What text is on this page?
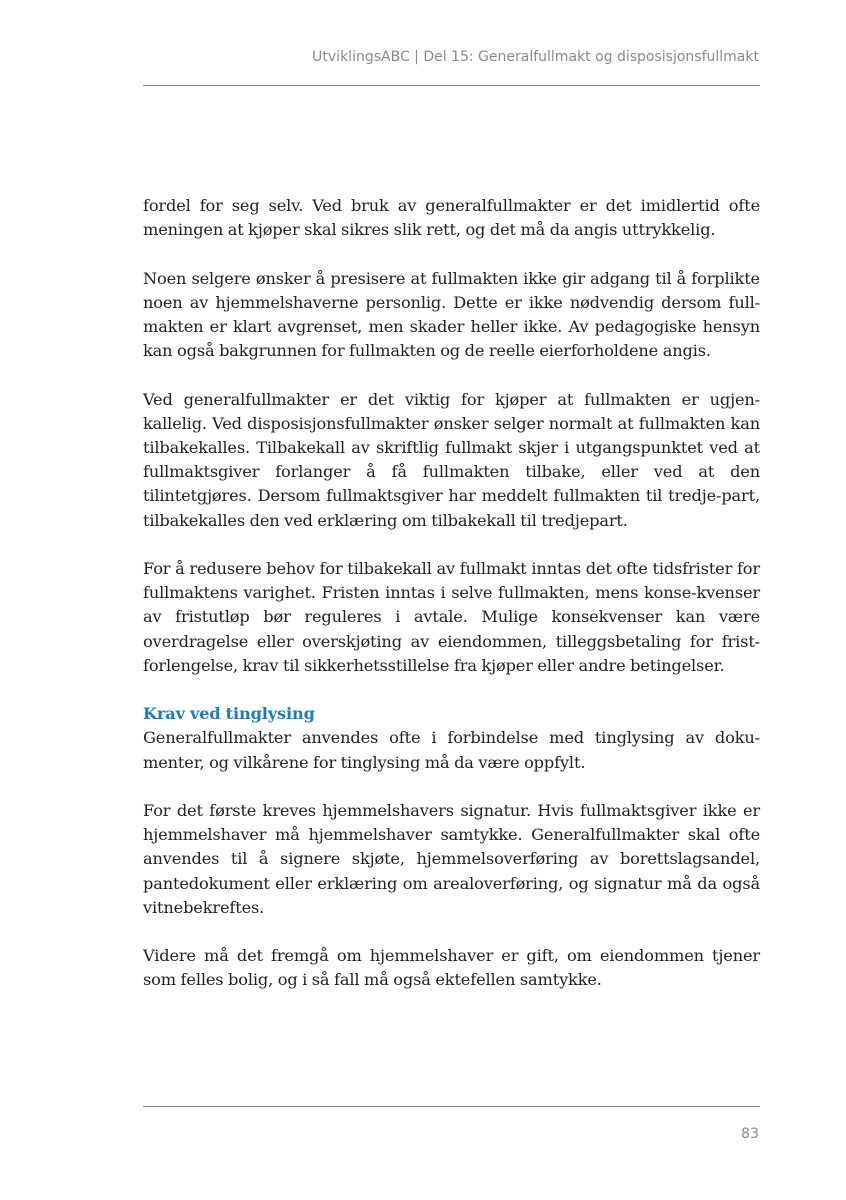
UtviklingsABC | Del 15: Generalfullmakt og disposisjonsfullmakt

fordel for seg selv. Ved bruk av generalfullmakter er det imidlertid ofte meningen at kjøper skal sikres slik rett, og det må da angis uttrykkelig.

Noen selgere ønsker å presisere at fullmakten ikke gir adgang til å forplikte noen av hjemmelshaverne personlig. Dette er ikke nødvendig dersom full-makten er klart avgrenset, men skader heller ikke. Av pedagogiske hensyn kan også bakgrunnen for fullmakten og de reelle eierforholdene angis.

Ved generalfullmakter er det viktig for kjøper at fullmakten er ugjen-kallelig. Ved disposisjonsfullmakter ønsker selger normalt at fullmakten kan tilbakekalles. Tilbakekall av skriftlig fullmakt skjer i utgangspunktet ved at fullmaktsgiver forlanger å få fullmakten tilbake, eller ved at den tilintetgjøres. Dersom fullmaktsgiver har meddelt fullmakten til tredje-part, tilbakekalles den ved erklæring om tilbakekall til tredjepart.

For å redusere behov for tilbakekall av fullmakt inntas det ofte tidsfrister for fullmaktens varighet. Fristen inntas i selve fullmakten, mens konse-kvenser av fristutløp bør reguleres i avtale. Mulige konsekvenser kan være overdragelse eller overskjøting av eiendommen, tilleggsbetaling for frist-forlengelse, krav til sikkerhetsstillelse fra kjøper eller andre betingelser.

Krav ved tinglysing

Generalfullmakter anvendes ofte i forbindelse med tinglysing av doku-menter, og vilkårene for tinglysing må da være oppfylt.

For det første kreves hjemmelshavers signatur. Hvis fullmaktsgiver ikke er hjemmelshaver må hjemmelshaver samtykke. Generalfullmakter skal ofte anvendes til å signere skjøte, hjemmelsoverføring av borettslagsandel, pantedokument eller erklæring om arealoverføring, og signatur må da også vitnebekreftes.

Videre må det fremgå om hjemmelshaver er gift, om eiendommen tjener som felles bolig, og i så fall må også ektefellen samtykke.

83
